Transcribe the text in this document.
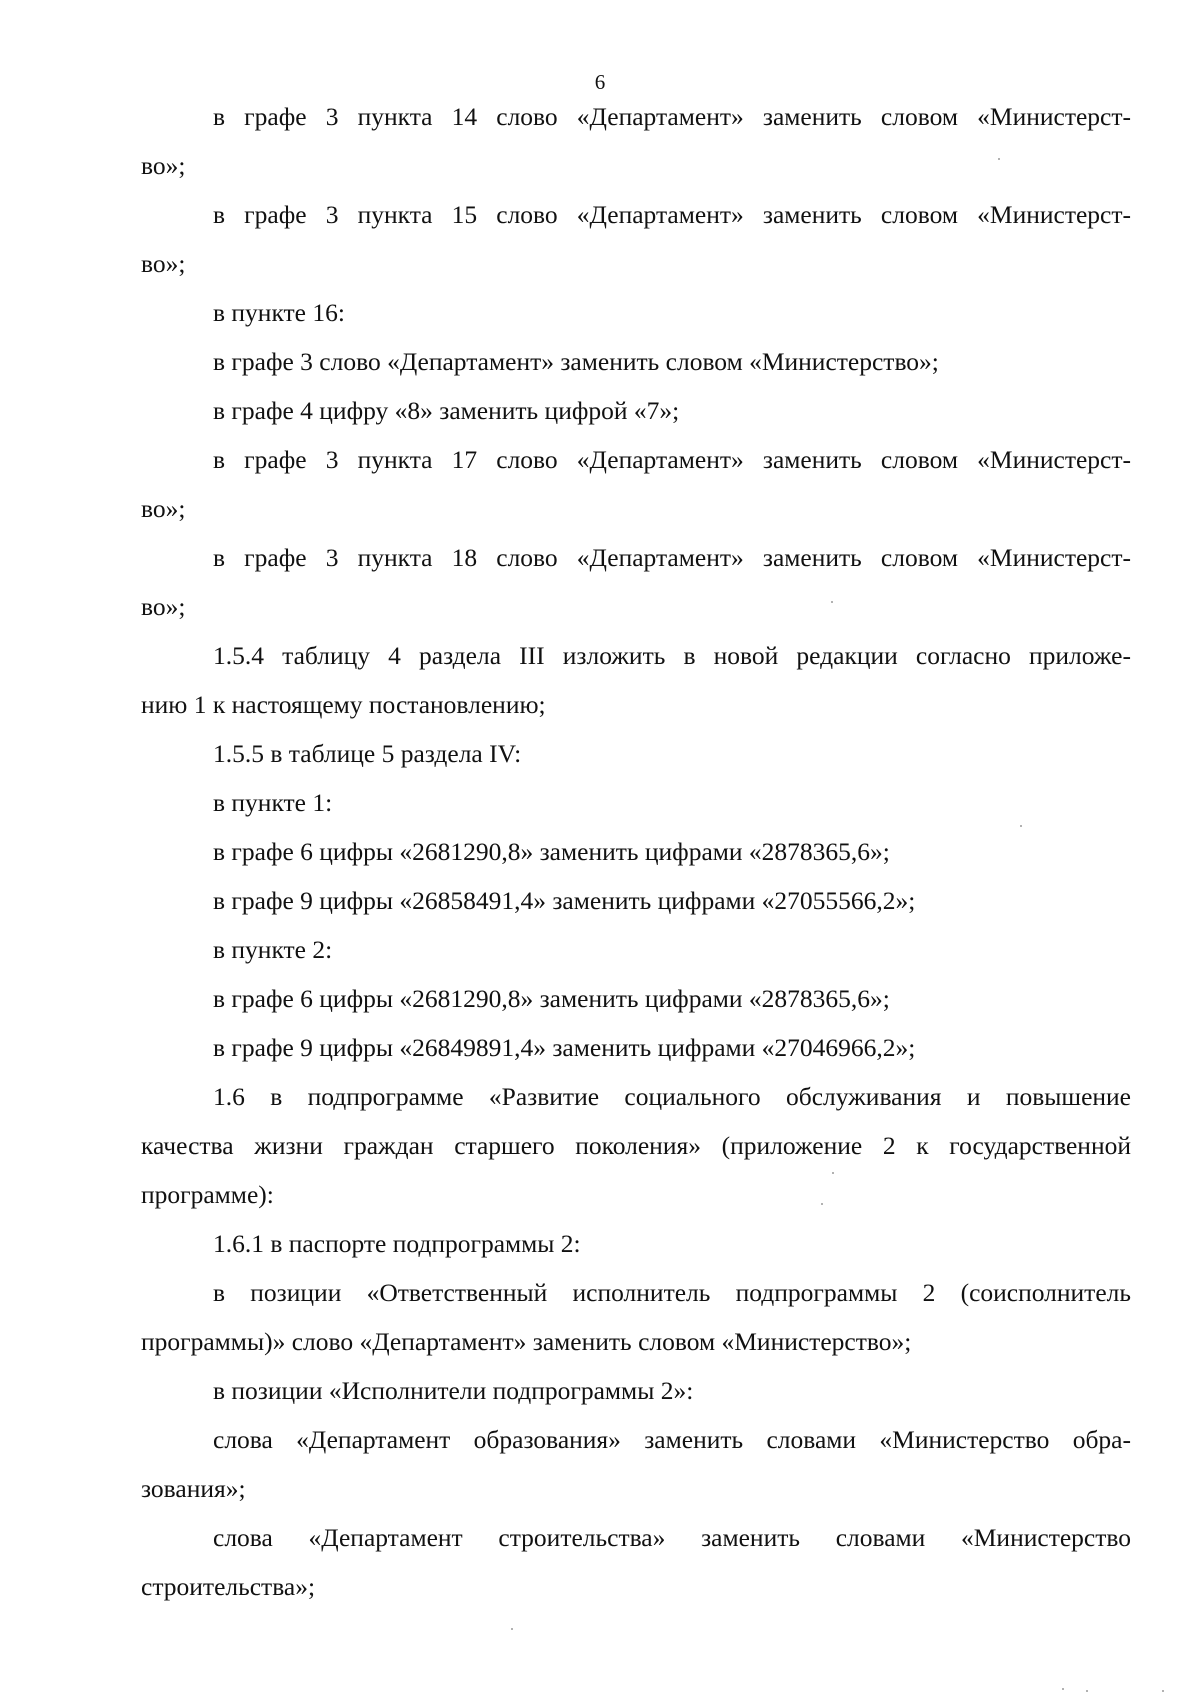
6
в графе 3 пункта 14 слово «Департамент» заменить словом «Министерст-
во»;
в графе 3 пункта 15 слово «Департамент» заменить словом «Министерст-
во»;
в пункте 16:
в графе 3 слово «Департамент» заменить словом «Министерство»;
в графе 4 цифру «8» заменить цифрой «7»;
в графе 3 пункта 17 слово «Департамент» заменить словом «Министерст-
во»;
в графе 3 пункта 18 слово «Департамент» заменить словом «Министерст-
во»;
1.5.4 таблицу 4 раздела III изложить в новой редакции согласно приложе-
нию 1 к настоящему постановлению;
1.5.5 в таблице 5 раздела IV:
в пункте 1:
в графе 6 цифры «2681290,8» заменить цифрами «2878365,6»;
в графе 9 цифры «26858491,4» заменить цифрами «27055566,2»;
в пункте 2:
в графе 6 цифры «2681290,8» заменить цифрами «2878365,6»;
в графе 9 цифры «26849891,4» заменить цифрами «27046966,2»;
1.6 в подпрограмме «Развитие социального обслуживания и повышение
качества жизни граждан старшего поколения» (приложение 2 к государственной
программе):
1.6.1 в паспорте подпрограммы 2:
в позиции «Ответственный исполнитель подпрограммы 2 (соисполнитель
программы)» слово «Департамент» заменить словом «Министерство»;
в позиции «Исполнители подпрограммы 2»:
слова «Департамент образования» заменить словами «Министерство обра-
зования»;
слова «Департамент строительства» заменить словами «Министерство
строительства»;
